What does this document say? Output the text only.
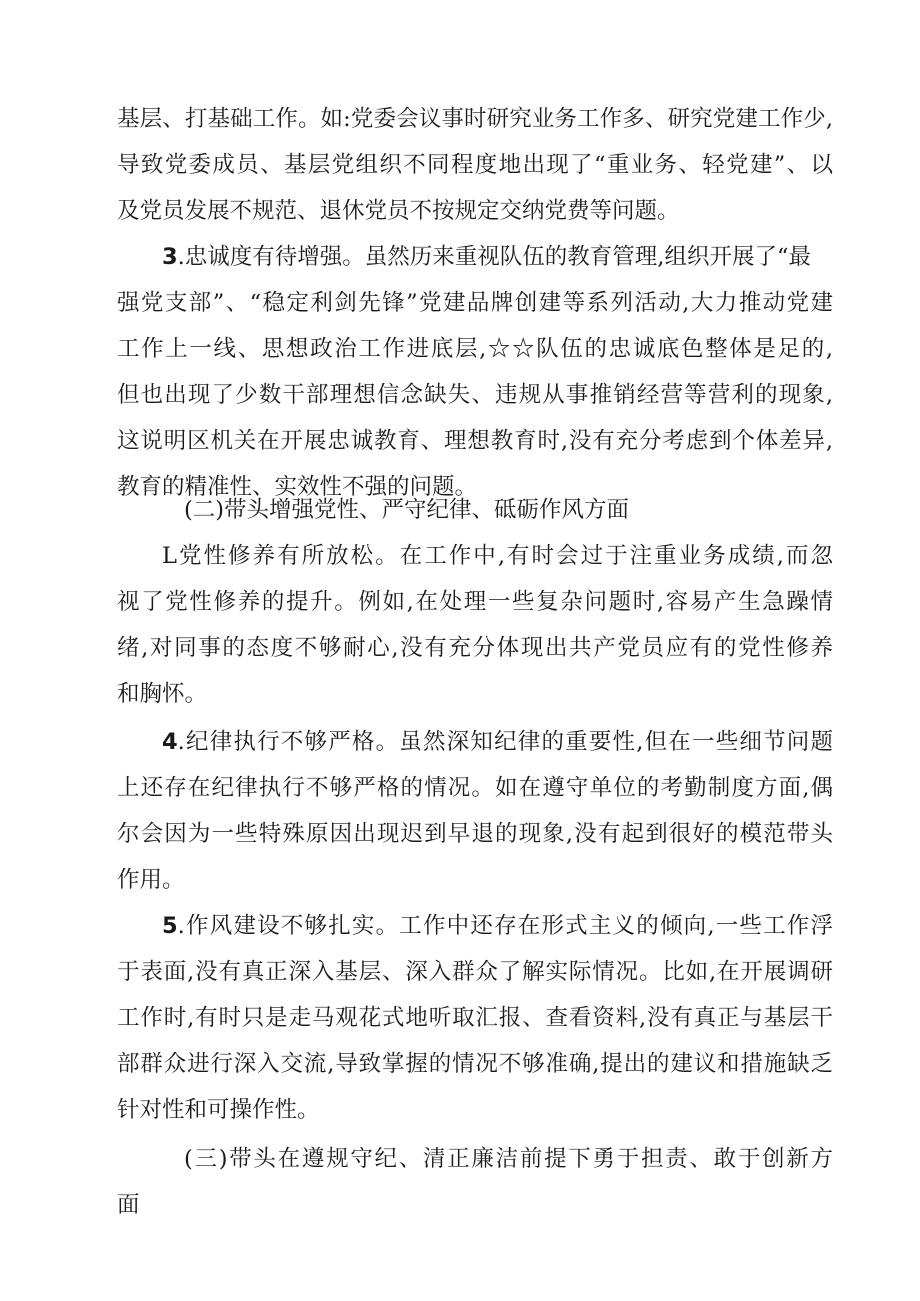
基层、打基础工作。如:党委会议事时研究业务工作多、研究党建工作少,
导致党委成员、基层党组织不同程度地出现了“重业务、轻党建”、以
及党员发展不规范、退休党员不按规定交纳党费等问题。
3.忠诚度有待增强。虽然历来重视队伍的教育管理,组织开展了“最
强党支部”、“稳定利剑先锋”党建品牌创建等系列活动,大力推动党建
工作上一线、思想政治工作进底层,☆☆队伍的忠诚底色整体是足的,
但也出现了少数干部理想信念缺失、违规从事推销经营等营利的现象,
这说明区机关在开展忠诚教育、理想教育时,没有充分考虑到个体差异,
教育的精准性、实效性不强的问题。
(二)带头增强党性、严守纪律、砥砺作风方面
L党性修养有所放松。在工作中,有时会过于注重业务成绩,而忽
视了党性修养的提升。例如,在处理一些复杂问题时,容易产生急躁情
绪,对同事的态度不够耐心,没有充分体现出共产党员应有的党性修养
和胸怀。
4.纪律执行不够严格。虽然深知纪律的重要性,但在一些细节问题
上还存在纪律执行不够严格的情况。如在遵守单位的考勤制度方面,偶
尔会因为一些特殊原因出现迟到早退的现象,没有起到很好的模范带头
作用。
5.作风建设不够扎实。工作中还存在形式主义的倾向,一些工作浮
于表面,没有真正深入基层、深入群众了解实际情况。比如,在开展调研
工作时,有时只是走马观花式地听取汇报、查看资料,没有真正与基层干
部群众进行深入交流,导致掌握的情况不够准确,提出的建议和措施缺乏
针对性和可操作性。
(三)带头在遵规守纪、清正廉洁前提下勇于担责、敢于创新方
面
